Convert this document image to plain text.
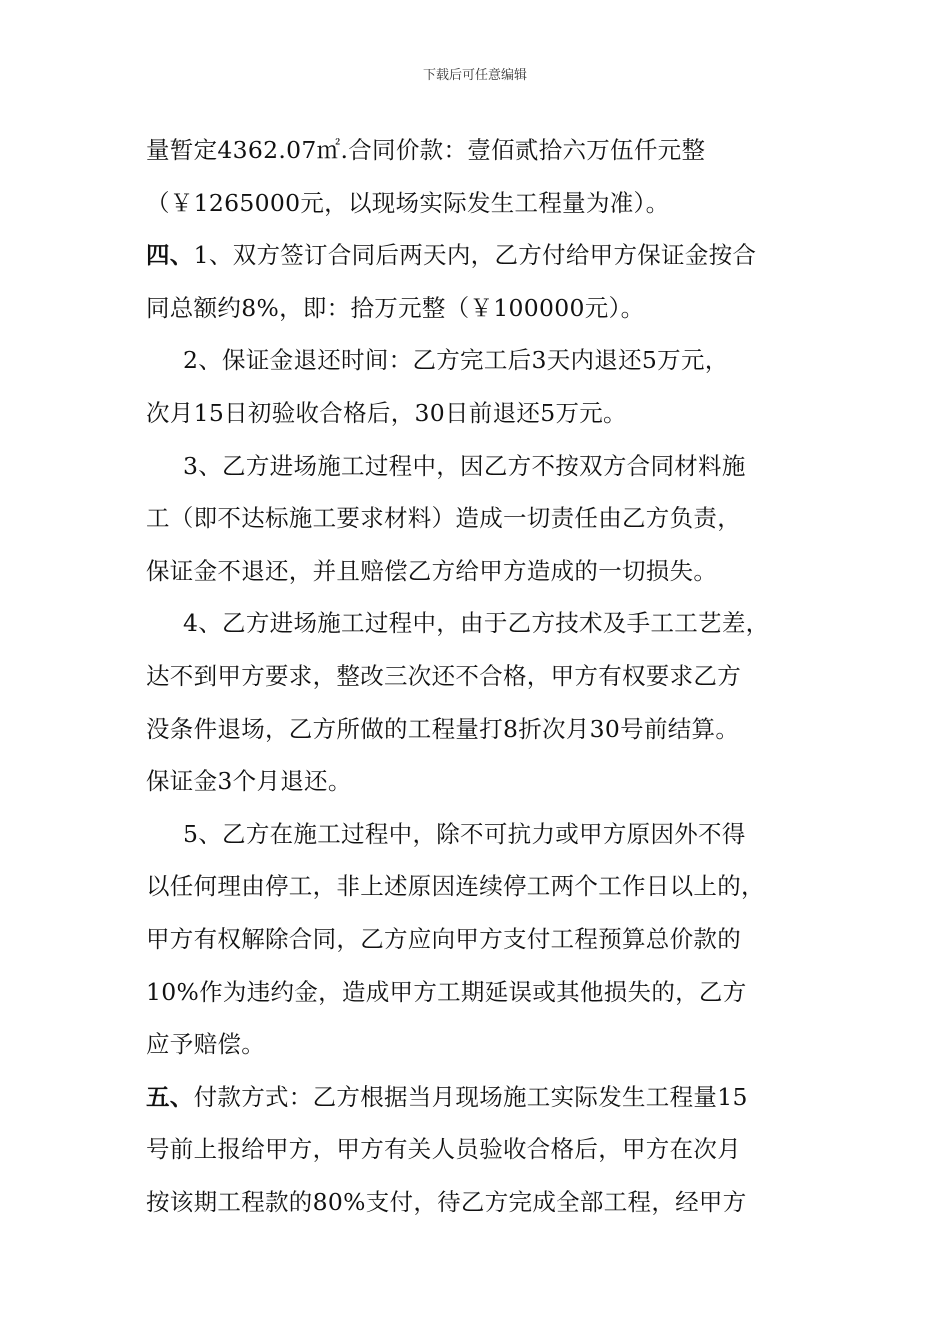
下载后可任意编辑
量暂定4362.07㎡.合同价款：壹佰贰拾六万伍仟元整
（￥1265000元，以现场实际发生工程量为准）。
四、1、双方签订合同后两天内，乙方付给甲方保证金按合
同总额约8%，即：拾万元整（￥100000元）。
2、保证金退还时间：乙方完工后3天内退还5万元，
次月15日初验收合格后，30日前退还5万元。
3、乙方进场施工过程中，因乙方不按双方合同材料施
工（即不达标施工要求材料）造成一切责任由乙方负责，
保证金不退还，并且赔偿乙方给甲方造成的一切损失。
4、乙方进场施工过程中，由于乙方技术及手工工艺差，
达不到甲方要求，整改三次还不合格，甲方有权要求乙方
没条件退场，乙方所做的工程量打8折次月30号前结算。
保证金3个月退还。
5、乙方在施工过程中，除不可抗力或甲方原因外不得
以任何理由停工，非上述原因连续停工两个工作日以上的，
甲方有权解除合同，乙方应向甲方支付工程预算总价款的
10%作为违约金，造成甲方工期延误或其他损失的，乙方
应予赔偿。
五、付款方式：乙方根据当月现场施工实际发生工程量15
号前上报给甲方，甲方有关人员验收合格后，甲方在次月
按该期工程款的80%支付，待乙方完成全部工程，经甲方
